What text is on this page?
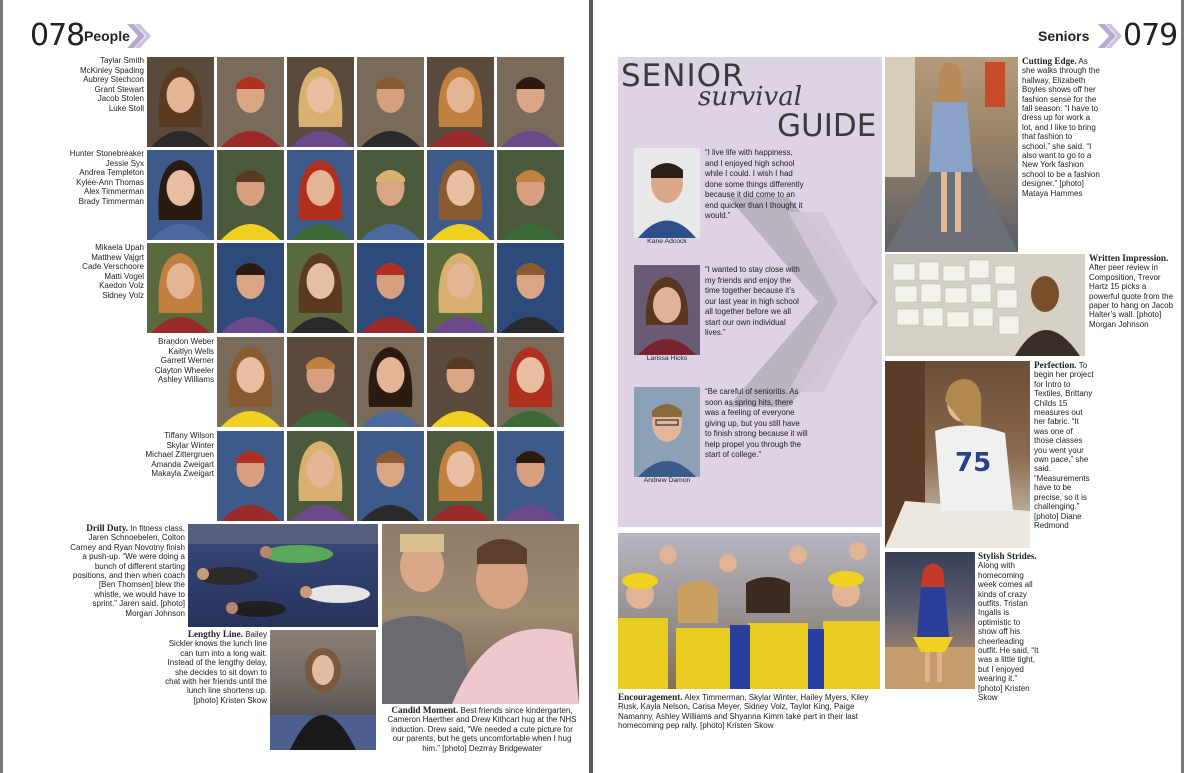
078 People
Taylar Smith
McKinley Spading
Aubrey Stechcon
Grant Stewart
Jacob Stolen
Luke Stoll
Hunter Stonebreaker
Jessie Syx
Andrea Templeton
Kylee-Ann Thomas
Alex Timmerman
Brady Timmerman
Mikaela Upah
Matthew Vajgrt
Cade Verschoore
Matti Vogel
Kaedon Volz
Sidney Volz
Brandon Weber
Kaitlyn Wells
Garrett Werner
Clayton Wheeler
Ashley Williams
Tiffany Wilson
Skylar Winter
Michael Zittergruen
Amanda Zweigart
Makayla Zweigart
Drill Duty. In fitness class, Jaren Schnoebelen, Colton Carney and Ryan Novotny finish a push-up. “We were doing a bunch of different starting positions, and then when coach [Ben Thomsen] blew the whistle, we would have to sprint.” Jaren said. [photo]
Morgan Johnson
Lengthy Line. Bailey Sickler knows the lunch line can turn into a long wait. Instead of the lengthy delay, she decides to sit down to chat with her friends until the lunch line shortens up. [photo] Kristen Skow
Candid Moment. Best friends since kindergarten, Cameron Haerther and Drew Kithcart hug at the NHS induction. Drew said, “We needed a cute picture for our parents, but he gets uncomfortable when I hug him.” [photo] Dezrray Bridgewater
Seniors 079
SENIOR
survival
GUIDE
Kane Adcock
“I live life with happiness, and I enjoyed high school while I could. I wish I had done some things differently because it did come to an end quicker than I thought it would.”
Larissa Hicks
“I wanted to stay close with my friends and enjoy the time together because it’s our last year in high school all together before we all start our own individual lives.”
Andrew Damon
“Be careful of senioritis. As soon as spring hits, there was a feeling of everyone giving up, but you still have to finish strong because it will help propel you through the start of college.”
Cutting Edge. As she walks through the hallway, Elizabeth Boyles shows off her fashion sense for the fall season. “I have to dress up for work a lot, and I like to bring that fashion to school,” she said. “I also want to go to a New York fashion school to be a fashion designer.” [photo] Mataya Hammes
Written Impression. After peer review in Composition, Trevor Hartz 15 picks a powerful quote from the paper to hang on Jacob Halter’s wall. [photo] Morgan Johnson
75
Perfection. To begin her project for Intro to Textiles, Brittany Childs 15 measures out her fabric. “It was one of those classes you went your own pace,” she said. “Measurements have to be precise, so it is challenging.” [photo] Diane Redmond
Stylish Strides. Along with homecoming week comes all kinds of crazy outfits. Tristan Ingalls is optimistic to show off his cheerleading outfit. He said, “It was a little tight, but I enjoyed wearing it.” [photo] Kristen Skow
Encouragement. Alex Timmerman, Skylar Winter, Hailey Myers, Kiley Rusk, Kayla Nelson, Carisa Meyer, Sidney Volz, Taylor King, Paige Namanny, Ashley Williams and Shyanna Kimm take part in their last homecoming pep rally. [photo] Kristen Skow
